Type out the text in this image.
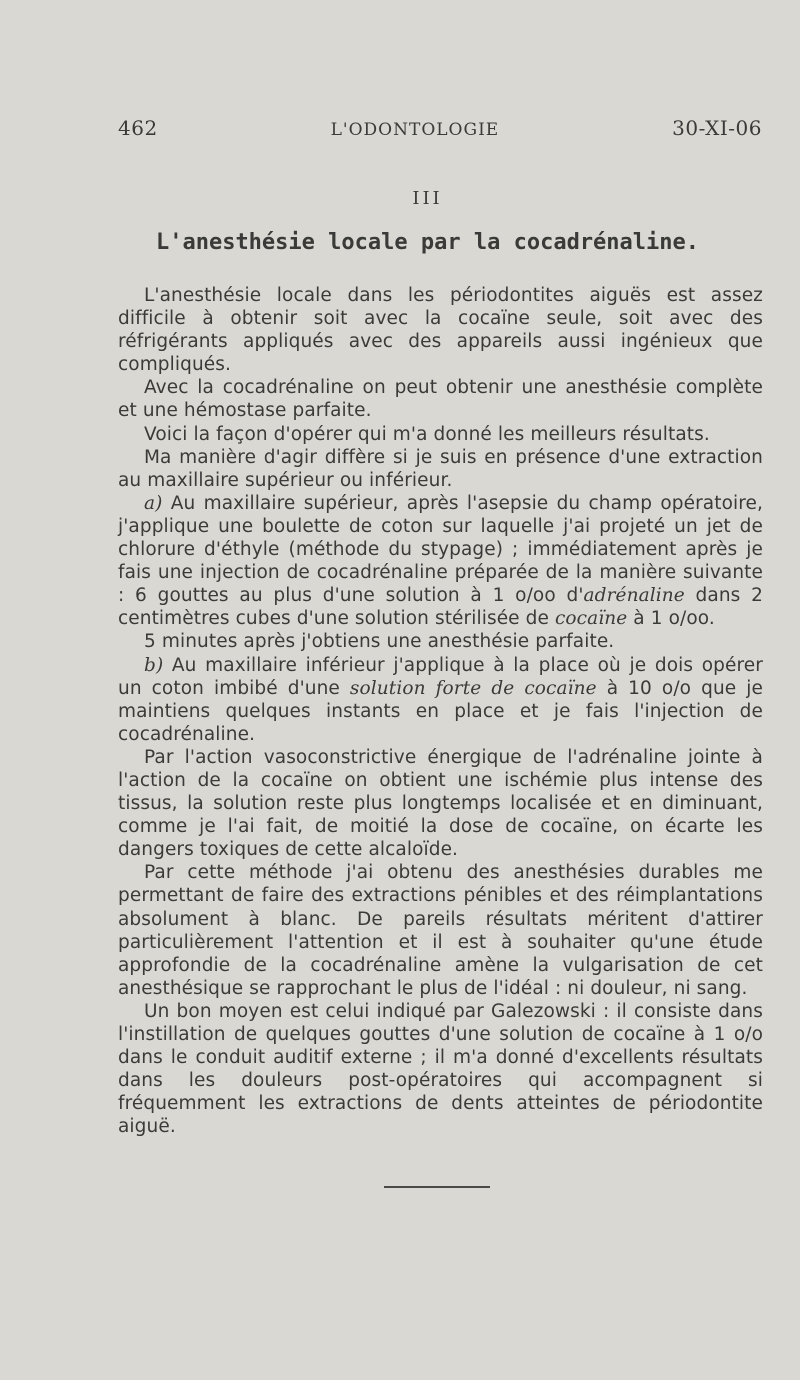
462	L'ODONTOLOGIE	30-XI-06
III
L'anesthésie locale par la cocadrénaline.

L'anesthésie locale dans les périodontites aiguës est assez difficile à obtenir soit avec la cocaïne seule, soit avec des réfrigérants appliqués avec des appareils aussi ingénieux que compliqués.

Avec la cocadrénaline on peut obtenir une anesthésie complète et une hémostase parfaite.

Voici la façon d'opérer qui m'a donné les meilleurs résultats.

Ma manière d'agir diffère si je suis en présence d'une extraction au maxillaire supérieur ou inférieur.

a) Au maxillaire supérieur, après l'asepsie du champ opératoire, j'applique une boulette de coton sur laquelle j'ai projeté un jet de chlorure d'éthyle (méthode du stypage) ; immédiatement après je fais une injection de cocadrénaline préparée de la manière suivante : 6 gouttes au plus d'une solution à 1 o/oo d'adrénaline dans 2 centimètres cubes d'une solution stérilisée de cocaïne à 1 o/oo.

5 minutes après j'obtiens une anesthésie parfaite.

b) Au maxillaire inférieur j'applique à la place où je dois opérer un coton imbibé d'une solution forte de cocaïne à 10 o/o que je maintiens quelques instants en place et je fais l'injection de cocadrénaline.

Par l'action vasoconstrictive énergique de l'adrénaline jointe à l'action de la cocaïne on obtient une ischémie plus intense des tissus, la solution reste plus longtemps localisée et en diminuant, comme je l'ai fait, de moitié la dose de cocaïne, on écarte les dangers toxiques de cette alcaloïde.

Par cette méthode j'ai obtenu des anesthésies durables me permettant de faire des extractions pénibles et des réimplantations absolument à blanc. De pareils résultats méritent d'attirer particulièrement l'attention et il est à souhaiter qu'une étude approfondie de la cocadrénaline amène la vulgarisation de cet anesthésique se rapprochant le plus de l'idéal : ni douleur, ni sang.

Un bon moyen est celui indiqué par Galezowski : il consiste dans l'instillation de quelques gouttes d'une solution de cocaïne à 1 o/o dans le conduit auditif externe ; il m'a donné d'excellents résultats dans les douleurs post-opératoires qui accompagnent si fréquemment les extractions de dents atteintes de périodontite aiguë.
